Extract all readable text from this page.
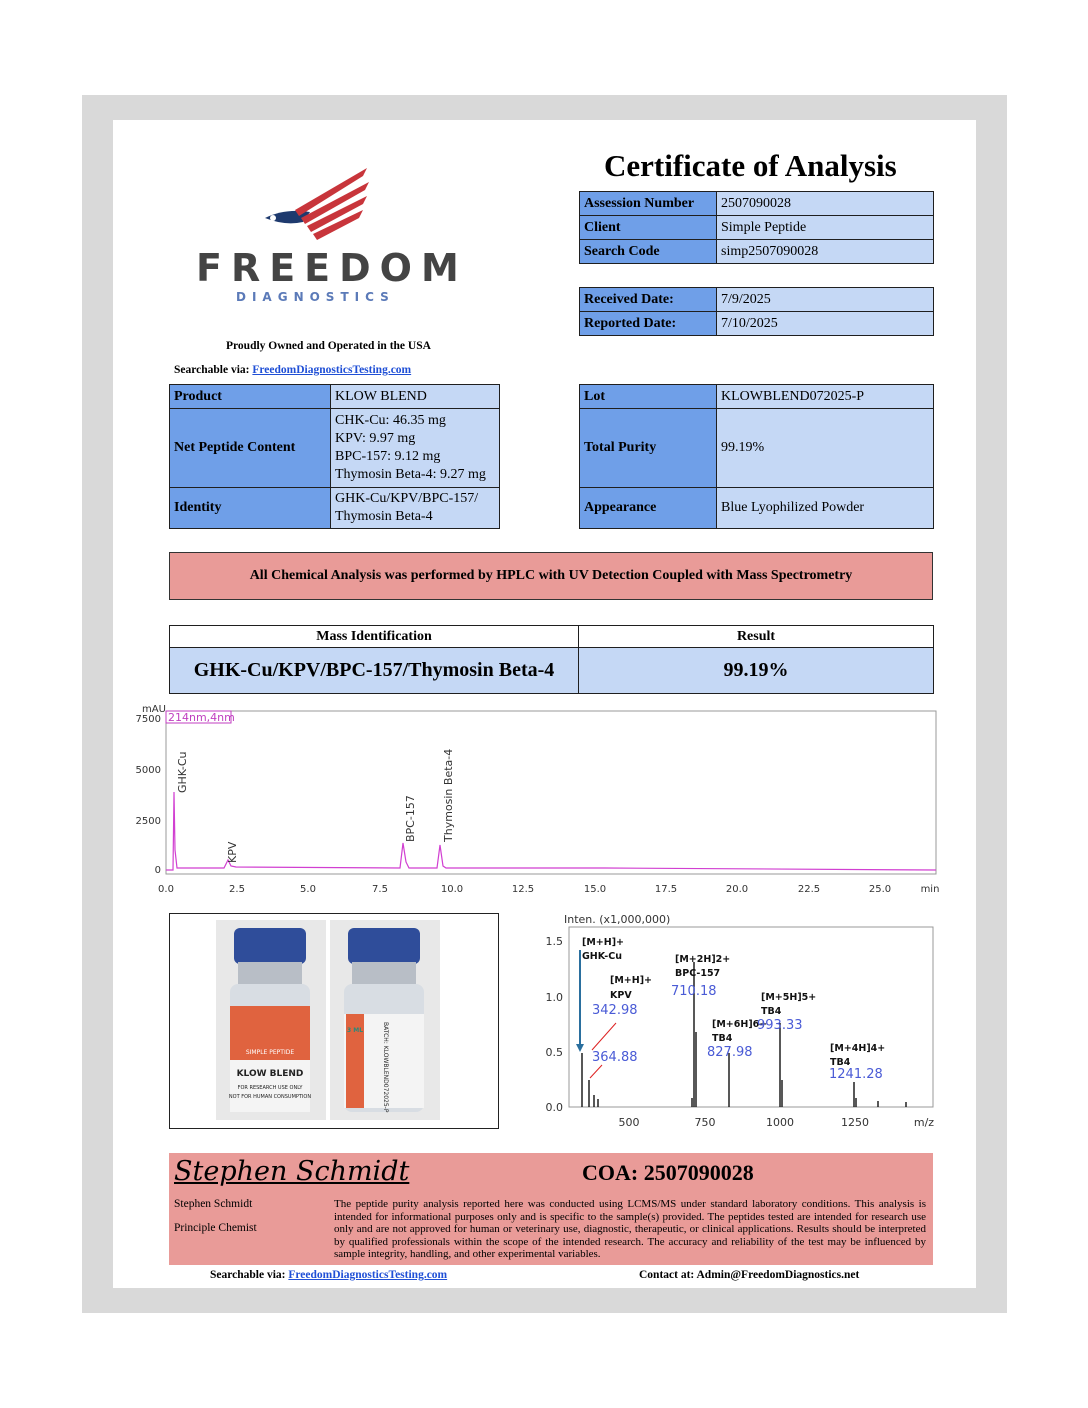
FREEDOM
DIAGNOSTICS
Proudly Owned and Operated in the USA
Searchable via: FreedomDiagnosticsTesting.com
Certificate of Analysis
Assession Number	2507090028
Client	Simple Peptide
Search Code	simp2507090028
Received Date:	7/9/2025
Reported Date:	7/10/2025
Product	KLOW BLEND
Net Peptide Content	CHK-Cu: 46.35 mg
KPV: 9.97 mg
BPC-157: 9.12 mg
Thymosin Beta-4: 9.27 mg

Identity	GHK-Cu/KPV/BPC-157/
Thymosin Beta-4
Lot	KLOWBLEND072025-P
Total Purity	99.19%
Appearance	Blue Lyophilized Powder
All Chemical Analysis was performed by HPLC with UV Detection Coupled with Mass Spectrometry
Mass Identification	Result
GHK-Cu/KPV/BPC-157/Thymosin Beta-4	99.19%
mAU
214nm,4nm
7500
5000
2500
0
0.0	2.5	5.0	7.5	10.0	12.5	15.0	17.5	20.0	22.5	25.0	min
GHK-Cu
KPV
BPC-157 Thymosin Beta-4
SIMPLE PEPTIDE
KLOW BLEND
FOR RESEARCH USE ONLY
NOT FOR HUMAN CONSUMPTION
3 ML	BATCH: KLOWBLEND072025-P
Inten. (x1,000,000)
1.5
1.0
0.5
0.0
500	750	1000	1250	m/z
[M+H]+
GHK-Cu
[M+H]+
KPV
[M+2H]2+
BPC-157
[M+6H]6+
TB4
[M+5H]5+
TB4
[M+4H]4+
TB4
342.98
364.88
710.18
827.98
993.33
1241.28
Stephen Schmidt	COA: 2507090028
Stephen Schmidt
Principle Chemist
The peptide purity analysis reported here was conducted using LCMS/MS under standard laboratory conditions. This analysis is intended for informational purposes only and is specific to the sample(s) provided. The peptides tested are intended for research use only and are not approved for human or veterinary use, diagnostic, therapeutic, or clinical applications. Results should be interpreted by qualified professionals within the scope of the intended research. The accuracy and reliability of the test may be influenced by sample integrity, handling, and other experimental variables.
Searchable via: FreedomDiagnosticsTesting.com	Contact at: Admin@FreedomDiagnostics.net
